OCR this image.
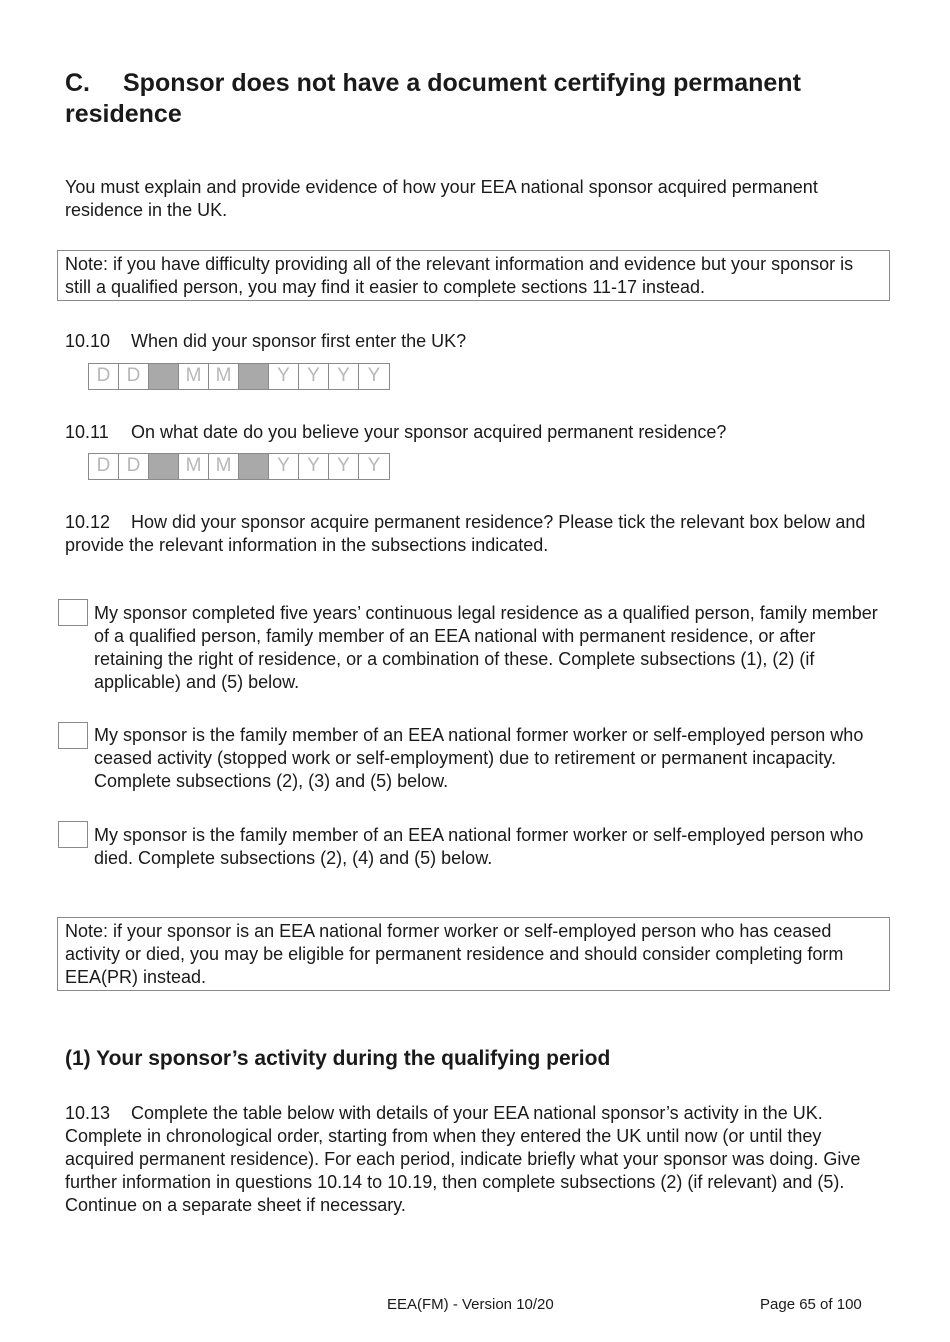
C. Sponsor does not have a document certifying permanent residence
You must explain and provide evidence of how your EEA national sponsor acquired permanent residence in the UK.
Note: if you have difficulty providing all of the relevant information and evidence but your sponsor is still a qualified person, you may find it easier to complete sections 11-17 instead.
10.10 When did your sponsor first enter the UK?
D D	M M	Y Y Y Y
10.11 On what date do you believe your sponsor acquired permanent residence?
D D	M M	Y Y Y Y
10.12 How did your sponsor acquire permanent residence? Please tick the relevant box below and provide the relevant information in the subsections indicated.
My sponsor completed five years’ continuous legal residence as a qualified person, family member of a qualified person, family member of an EEA national with permanent residence, or after retaining the right of residence, or a combination of these. Complete subsections (1), (2) (if applicable) and (5) below.
My sponsor is the family member of an EEA national former worker or self-employed person who ceased activity (stopped work or self-employment) due to retirement or permanent incapacity. Complete subsections (2), (3) and (5) below.
My sponsor is the family member of an EEA national former worker or self-employed person who died. Complete subsections (2), (4) and (5) below.
Note: if your sponsor is an EEA national former worker or self-employed person who has ceased activity or died, you may be eligible for permanent residence and should consider completing form EEA(PR) instead.
(1) Your sponsor’s activity during the qualifying period
10.13 Complete the table below with details of your EEA national sponsor’s activity in the UK. Complete in chronological order, starting from when they entered the UK until now (or until they acquired permanent residence). For each period, indicate briefly what your sponsor was doing. Give further information in questions 10.14 to 10.19, then complete subsections (2) (if relevant) and (5). Continue on a separate sheet if necessary.
EEA(FM) - Version 10/20	Page 65 of 100
